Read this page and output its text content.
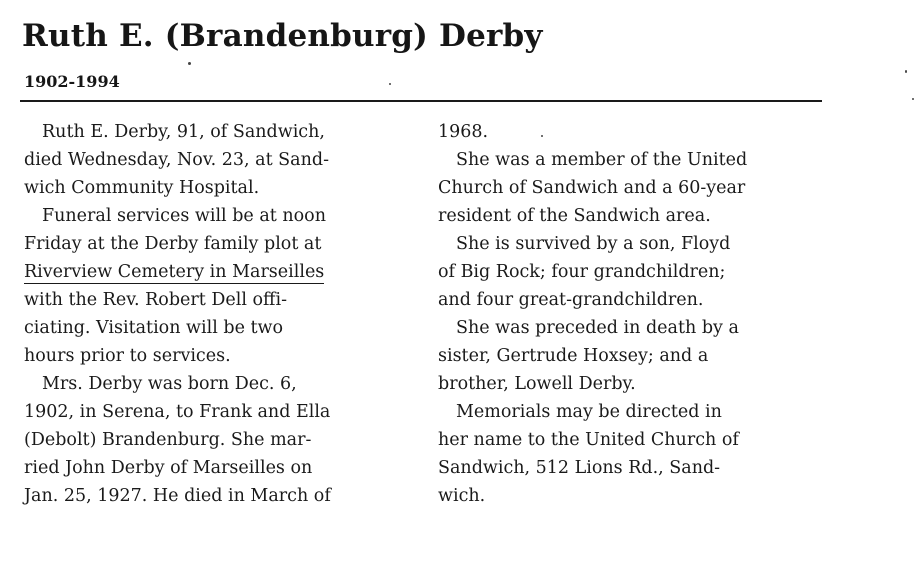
Ruth E. (Brandenburg) Derby
1902-1994
Ruth E. Derby, 91, of Sandwich,
died Wednesday, Nov. 23, at Sand-
wich Community Hospital.
Funeral services will be at noon
Friday at the Derby family plot at
Riverview Cemetery in Marseilles
with the Rev. Robert Dell offi-
ciating. Visitation will be two
hours prior to services.
Mrs. Derby was born Dec. 6,
1902, in Serena, to Frank and Ella
(Debolt) Brandenburg. She mar-
ried John Derby of Marseilles on
Jan. 25, 1927. He died in March of
1968.
She was a member of the United
Church of Sandwich and a 60-year
resident of the Sandwich area.
She is survived by a son, Floyd
of Big Rock; four grandchildren;
and four great-grandchildren.
She was preceded in death by a
sister, Gertrude Hoxsey; and a
brother, Lowell Derby.
Memorials may be directed in
her name to the United Church of
Sandwich, 512 Lions Rd., Sand-
wich.
